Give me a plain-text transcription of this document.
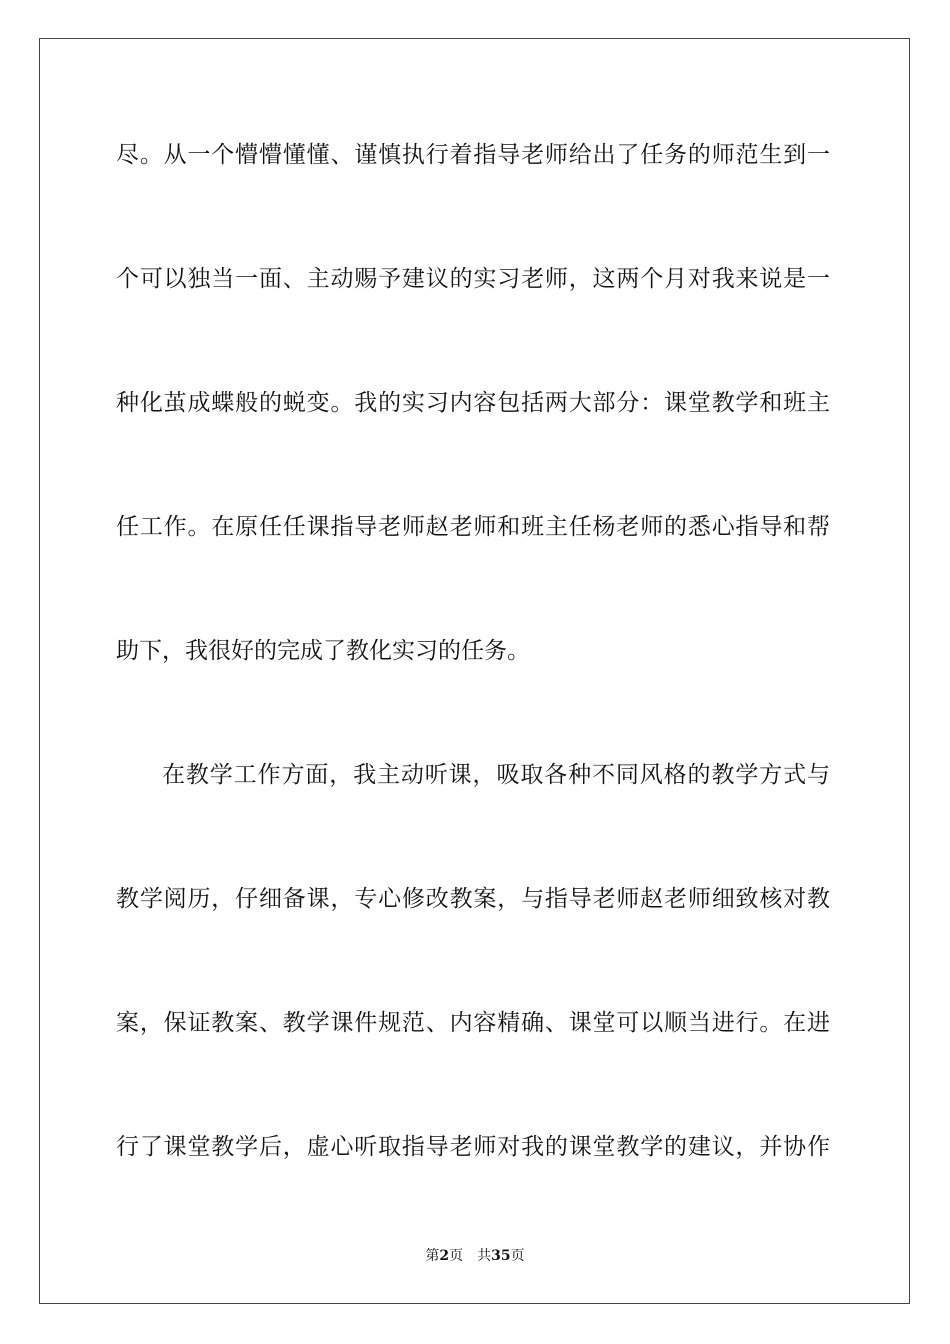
尽。从一个懵懵懂懂、谨慎执行着指导老师给出了任务的师范生到一
个可以独当一面、主动赐予建议的实习老师，这两个月对我来说是一
种化茧成蝶般的蜕变。我的实习内容包括两大部分：课堂教学和班主
任工作。在原任任课指导老师赵老师和班主任杨老师的悉心指导和帮
助下，我很好的完成了教化实习的任务。
在教学工作方面，我主动听课，吸取各种不同风格的教学方式与
教学阅历，仔细备课，专心修改教案，与指导老师赵老师细致核对教
案，保证教案、教学课件规范、内容精确、课堂可以顺当进行。在进
行了课堂教学后，虚心听取指导老师对我的课堂教学的建议，并协作
第2页 共35页
